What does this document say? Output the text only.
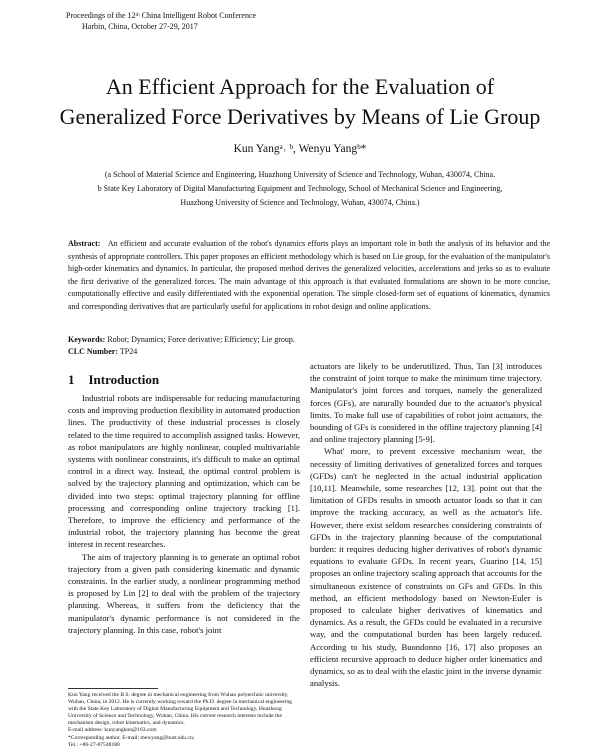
Proceedings of the 12ᵗʰ China Intelligent Robot Conference
Harbin, China, October 27-29, 2017
An Efficient Approach for the Evaluation of
Generalized Force Derivatives by Means of Lie Group
Kun Yangᵃ˒ ᵇ, Wenyu Yangᵇ*
(a School of Material Science and Engineering, Huazhong University of Science and Technology, Wuhan, 430074, China.
b State Key Laboratory of Digital Manufacturing Equipment and Technology, School of Mechanical Science and Engineering,
Huazhong University of Science and Technology, Wuhan, 430074, China.)
Abstract: An efficient and accurate evaluation of the robot's dynamics efforts plays an important role in both the analysis of its behavior and the synthesis of appropriate controllers. This paper proposes an efficient methodology which is based on Lie group, for the evaluation of the manipulator's high-order kinematics and dynamics. In particular, the proposed method derives the generalized velocities, accelerations and jerks so as to evaluate the first derivative of the generalized forces. The main advantage of this approach is that evaluated formulations are shown to be more concise, computationally effective and easily differentiated with the exponential operation. The simple closed-form set of equations of kinematics, dynamics and corresponding derivatives that are particularly useful for applications in robot design and online applications.
Keywords: Robot; Dynamics; Force derivative; Efficiency; Lie group.
CLC Number: TP24
1 Introduction

Industrial robots are indispensable for reducing manufacturing costs and improving production flexibility in automated production lines. The productivity of these industrial processes is closely related to the time required to accomplish assigned tasks. However, as robot manipulators are highly nonlinear, coupled multivariable systems with nonlinear constraints, it's difficult to make an optimal control in a direct way. Instead, the optimal control problem is solved by the trajectory planning and optimization, which can be divided into two steps: optimal trajectory planning for offline processing and corresponding online trajectory tracking [1]. Therefore, to improve the efficiency and performance of the industrial robot, the trajectory planning has become the great interest in recent researches.

The aim of trajectory planning is to generate an optimal robot trajectory from a given path considering kinematic and dynamic constraints. In the earlier study, a nonlinear programming method is proposed by Lin [2] to deal with the problem of the trajectory planning. Whereas, it suffers from the deficiency that the manipulator's dynamic performance is not considered in the trajectory planning. In this case, robot's joint

actuators are likely to be underutilized. Thus, Tan [3] introduces the constraint of joint torque to make the minimum time trajectory. Manipulator's joint forces and torques, namely the generalized forces (GFs), are naturally bounded due to the actuator's physical limits. To make full use of capabilities of robot joint actuators, the bounding of GFs is considered in the offline trajectory planning [4] and online trajectory planning [5-9].

What' more, to prevent excessive mechanism wear, the necessity of limiting derivatives of generalized forces and torques (GFDs) can't be neglected in the actual industrial application [10,11]. Meanwhile, some researches [12, 13]. point out that the limitation of GFDs results in smooth actuator loads so that it can improve the tracking accuracy, as well as the actuator's life. However, there exist seldom researches considering constraints of GFDs in the trajectory planning because of the computational burden: it requires deducing higher derivatives of robot's dynamic equations to evaluate GFDs. In recent years, Guarino [14, 15] proposes an online trajectory scaling approach that accounts for the simultaneous existence of constraints on GFs and GFDs. In this method, an efficient methodology based on Newton-Euler is proposed to calculate higher derivatives of kinematics and dynamics. As a result, the GFDs could be evaluated in a recursive way, and the computational burden has been largely reduced. According to his study, Buondonno [16, 17] also proposes an efficient recursive approach to deduce higher order kinematics and dynamics, so as to deal with the elastic joint in the inverse dynamic analysis.

Kun Yang received the B.S. degree in mechanical engineering from Wuhan polytechnic university, Wuhan, China, in 2012. He is currently working toward the Ph.D. degree in mechanical engineering with the State Key Laboratory of Digital Manufacturing Equipment and Technology, Huazhong University of Science and Technology, Wuhan, China. His current research interests include the mechanism design, robot kinematics, and dynamics.
E-mail address: kunyangkun@163.com
*Corresponding author. E-mail: mewyang@hust.edu.cn;
Tel.: +86-27-87548180
